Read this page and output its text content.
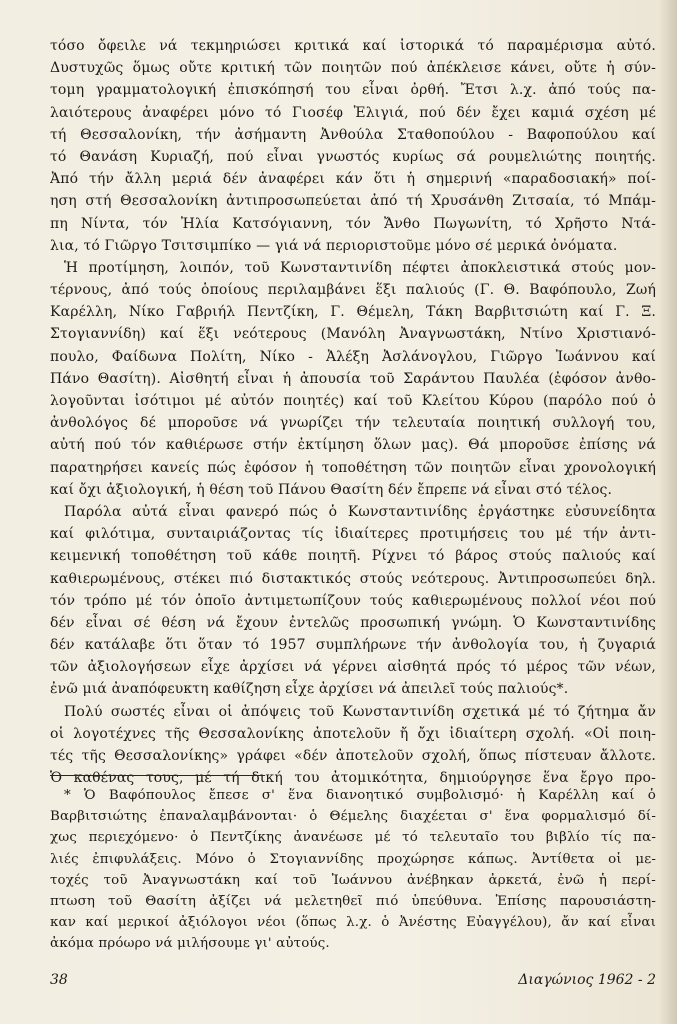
τόσο ὄφειλε νά τεκμηριώσει κριτικά καί ἱστορικά τό παραμέρισμα αὐτό.
Δυστυχῶς ὅμως οὔτε κριτική τῶν ποιητῶν πού ἀπέκλεισε κάνει, οὔτε ἡ σύν-
τομη γραμματολογική ἐπισκόπησή του εἶναι ὀρθή. Ἔτσι λ.χ. ἀπό τούς πα-
λαιότερους ἀναφέρει μόνο τό Γιοσέφ Ἐλιγιά, πού δέν ἔχει καμιά σχέση μέ
τή Θεσσαλονίκη, τήν ἀσήμαντη Ἀνθούλα Σταθοπούλου - Βαφοπούλου καί
τό Θανάση Κυριαζή, πού εἶναι γνωστός κυρίως σά ρουμελιώτης ποιητής.
Ἀπό τήν ἄλλη μεριά δέν ἀναφέρει κάν ὅτι ἡ σημερινή «παραδοσιακή» ποί-
ηση στή Θεσσαλονίκη ἀντιπροσωπεύεται ἀπό τή Χρυσάνθη Ζιτσαία, τό Μπάμ-
πη Νίντα, τόν Ἠλία Κατσόγιαννη, τόν Ἄνθο Πωγωνίτη, τό Χρῆστο Ντά-
λια, τό Γιῶργο Τσιτσιμπίκο — γιά νά περιοριστοῦμε μόνο σέ μερικά ὀνόματα.
Ἡ προτίμηση, λοιπόν, τοῦ Κωνσταντινίδη πέφτει ἀποκλειστικά στούς μον-
τέρνους, ἀπό τούς ὁποίους περιλαμβάνει ἕξι παλιούς (Γ. Θ. Βαφόπουλο, Ζωή
Καρέλλη, Νίκο Γαβριήλ Πεντζίκη, Γ. Θέμελη, Τάκη Βαρβιτσιώτη καί Γ. Ξ.
Στογιαννίδη) καί ἕξι νεότερους (Μανόλη Ἀναγνωστάκη, Ντίνο Χριστιανό-
πουλο, Φαίδωνα Πολίτη, Νίκο - Ἀλέξη Ἀσλάνογλου, Γιῶργο Ἰωάννου καί
Πάνο Θασίτη). Αἰσθητή εἶναι ἡ ἀπουσία τοῦ Σαράντου Παυλέα (ἐφόσον ἀνθο-
λογοῦνται ἰσότιμοι μέ αὐτόν ποιητές) καί τοῦ Κλείτου Κύρου (παρόλο πού ὁ
ἀνθολόγος δέ μποροῦσε νά γνωρίζει τήν τελευταία ποιητική συλλογή του,
αὐτή πού τόν καθιέρωσε στήν ἐκτίμηση ὅλων μας). Θά μποροῦσε ἐπίσης νά
παρατηρήσει κανείς πώς ἐφόσον ἡ τοποθέτηση τῶν ποιητῶν εἶναι χρονολογική
καί ὄχι ἀξιολογική, ἡ θέση τοῦ Πάνου Θασίτη δέν ἔπρεπε νά εἶναι στό τέλος.
Παρόλα αὐτά εἶναι φανερό πώς ὁ Κωνσταντινίδης ἐργάστηκε εὐσυνείδητα
καί φιλότιμα, συνταιριάζοντας τίς ἰδιαίτερες προτιμήσεις του μέ τήν ἀντι-
κειμενική τοποθέτηση τοῦ κάθε ποιητῆ. Ρίχνει τό βάρος στούς παλιούς καί
καθιερωμένους, στέκει πιό διστακτικός στούς νεότερους. Ἀντιπροσωπεύει δηλ.
τόν τρόπο μέ τόν ὁποῖο ἀντιμετωπίζουν τούς καθιερωμένους πολλοί νέοι πού
δέν εἶναι σέ θέση νά ἔχουν ἐντελῶς προσωπική γνώμη. Ὁ Κωνσταντινίδης
δέν κατάλαβε ὅτι ὅταν τό 1957 συμπλήρωνε τήν ἀνθολογία του, ἡ ζυγαριά
τῶν ἀξιολογήσεων εἶχε ἀρχίσει νά γέρνει αἰσθητά πρός τό μέρος τῶν νέων,
ἐνῶ μιά ἀναπόφευκτη καθίζηση εἶχε ἀρχίσει νά ἀπειλεῖ τούς παλιούς*.
Πολύ σωστές εἶναι οἱ ἀπόψεις τοῦ Κωνσταντινίδη σχετικά μέ τό ζήτημα ἄν
οἱ λογοτέχνες τῆς Θεσσαλονίκης ἀποτελοῦν ἤ ὄχι ἰδιαίτερη σχολή. «Οἱ ποιη-
τές τῆς Θεσσαλονίκης» γράφει «δέν ἀποτελοῦν σχολή, ὅπως πίστευαν ἄλλοτε.
Ὁ καθένας τους, μέ τή δική του ἀτομικότητα, δημιούργησε ἕνα ἔργο προ-
* Ὁ Βαφόπουλος ἔπεσε σ' ἕνα διανοητικό συμβολισμό· ἡ Καρέλλη καί ὁ
Βαρβιτσιώτης ἐπαναλαμβάνονται· ὁ Θέμελης διαχέεται σ' ἕνα φορμαλισμό δί-
χως περιεχόμενο· ὁ Πεντζίκης ἀνανέωσε μέ τό τελευταῖο του βιβλίο τίς πα-
λιές ἐπιφυλάξεις. Μόνο ὁ Στογιαννίδης προχώρησε κάπως. Ἀντίθετα οἱ με-
τοχές τοῦ Ἀναγνωστάκη καί τοῦ Ἰωάννου ἀνέβηκαν ἀρκετά, ἐνῶ ἡ περί-
πτωση τοῦ Θασίτη ἀξίζει νά μελετηθεῖ πιό ὑπεύθυνα. Ἐπίσης παρουσιάστη-
καν καί μερικοί ἀξιόλογοι νέοι (ὅπως λ.χ. ὁ Ἀνέστης Εὐαγγέλου), ἄν καί εἶναι
ἀκόμα πρόωρο νά μιλήσουμε γι' αὐτούς.
38	Διαγώνιος 1962 - 2
